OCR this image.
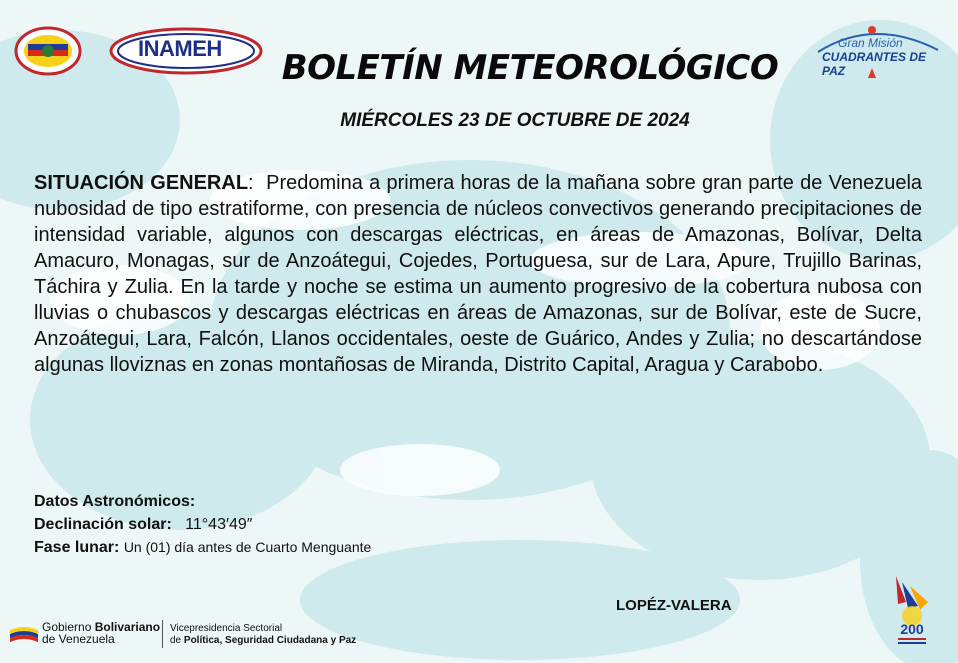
INAMEH	Gran Misión
CUADRANTES DE PAZ
BOLETÍN METEOROLÓGICO
MIÉRCOLES 23 DE OCTUBRE DE 2024
SITUACIÓN GENERAL:  Predomina a primera horas de la mañana sobre gran parte de Venezuela nubosidad de tipo estratiforme, con presencia de núcleos convectivos generando precipitaciones de intensidad variable, algunos con descargas eléctricas, en áreas de Amazonas, Bolívar, Delta Amacuro, Monagas, sur de Anzoátegui, Cojedes, Portuguesa, sur de Lara, Apure, Trujillo Barinas, Táchira y Zulia. En la tarde y noche se estima un aumento progresivo de la cobertura nubosa con lluvias o chubascos y descargas eléctricas en áreas de Amazonas, sur de Bolívar, este de Sucre, Anzoátegui, Lara, Falcón, Llanos occidentales, oeste de Guárico, Andes y Zulia; no descartándose algunas lloviznas en zonas montañosas de Miranda, Distrito Capital, Aragua y Carabobo.
Datos Astronómicos:
Declinación solar: 11°43′49″
Fase lunar: Un (01) día antes de Cuarto Menguante
LOPÉZ-VALERA
Gobierno Bolivariano
de Venezuela
Vicepresidencia Sectorial
de Política, Seguridad Ciudadana y Paz
200
